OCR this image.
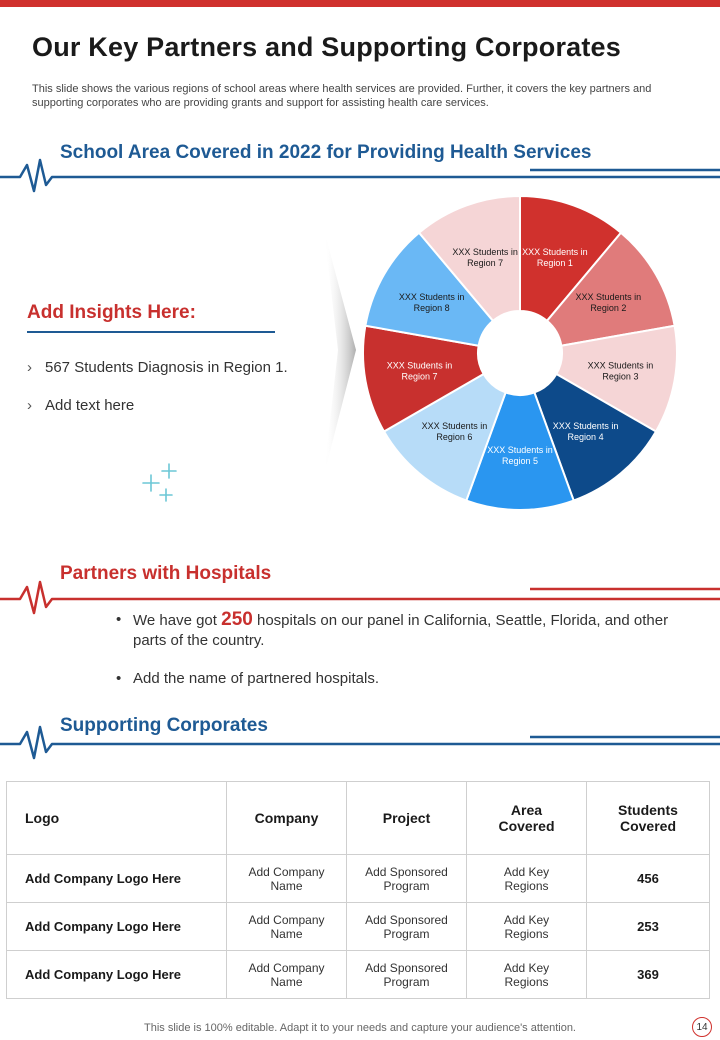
Our Key Partners and Supporting Corporates
This slide shows the various regions of school areas where health services are provided. Further, it covers the key partners and supporting corporates who are providing grants and support for assisting health care services.
School Area Covered in 2022 for Providing Health Services
Add Insights Here:
› 567 Students Diagnosis in Region 1.
› Add text here
XXX Students in Region 1
XXX Students in Region 2
XXX Students in Region 3
XXX Students in Region 4
XXX Students in Region 5
XXX Students in Region 6
XXX Students in Region 7
XXX Students in Region 8
XXX Students in Region 7
Partners with Hospitals
• We have got 250 hospitals on our panel in California, Seattle, Florida, and other parts of the country.
• Add the name of partnered hospitals.
Supporting Corporates
Logo	Company	Project	Area Covered	Students Covered
Add Company Logo Here	Add Company Name	Add Sponsored Program	Add Key Regions	456
Add Company Logo Here	Add Company Name	Add Sponsored Program	Add Key Regions	253
Add Company Logo Here	Add Company Name	Add Sponsored Program	Add Key Regions	369
This slide is 100% editable. Adapt it to your needs and capture your audience's attention.	14
